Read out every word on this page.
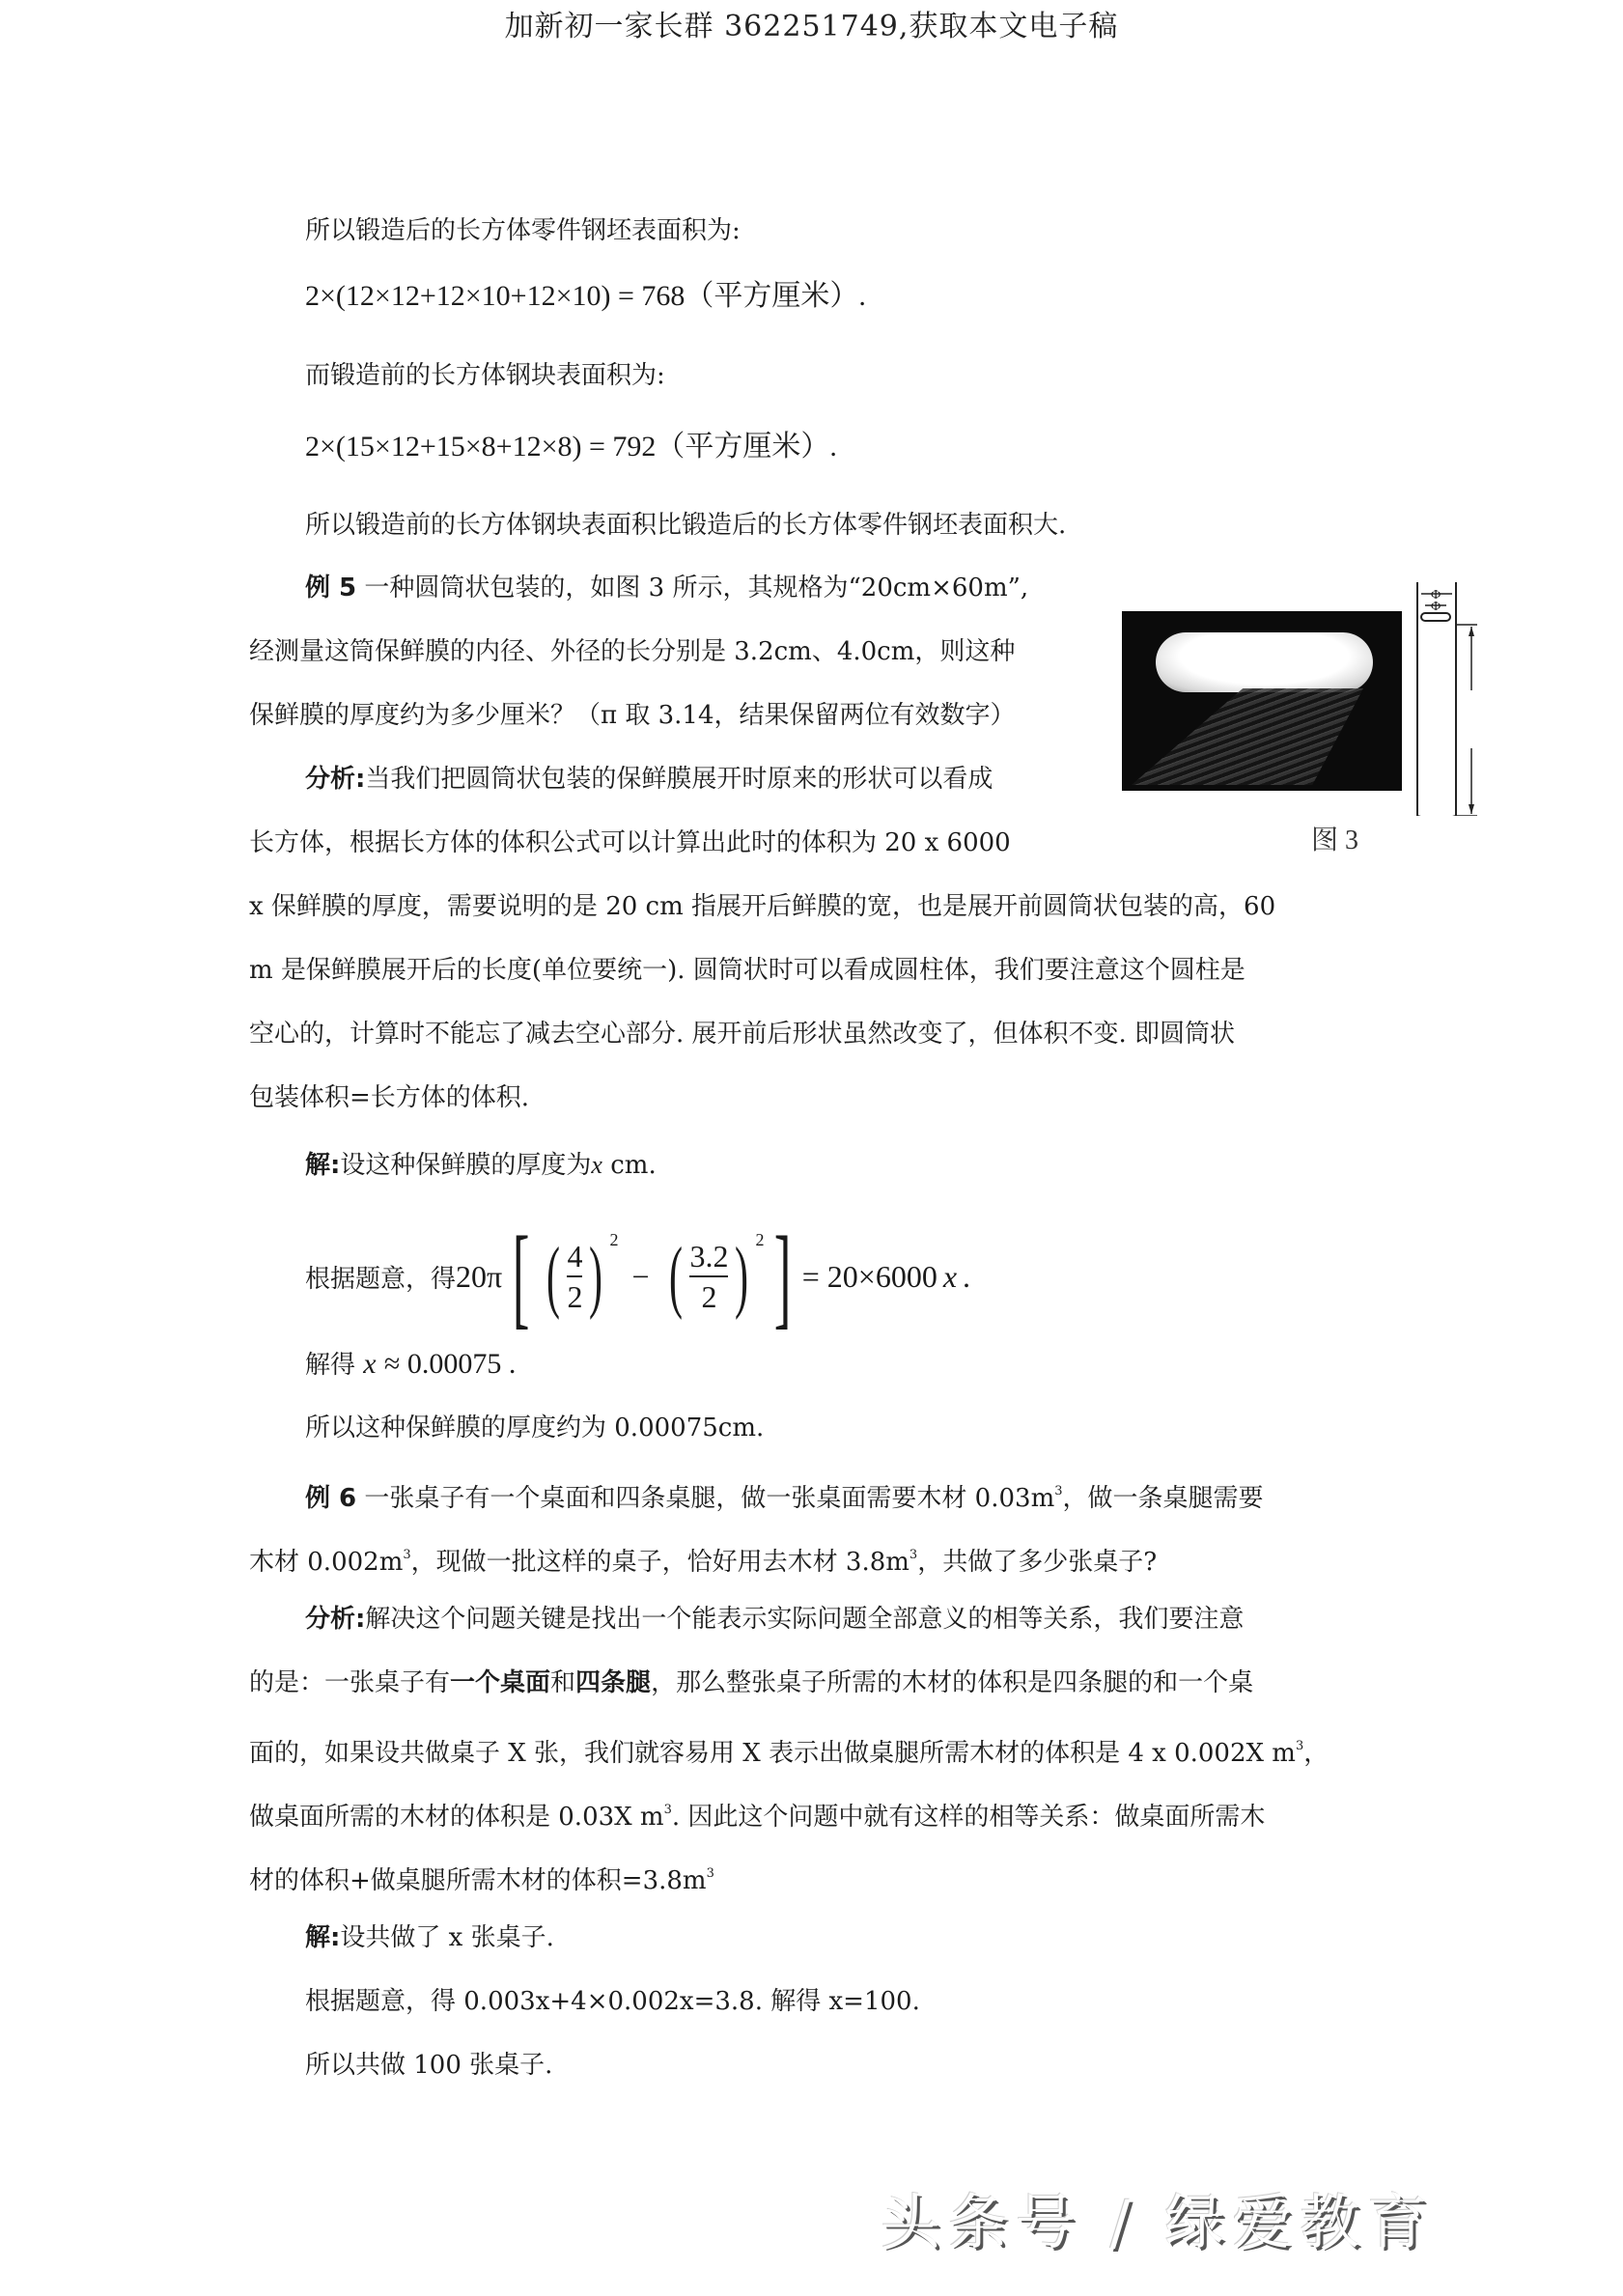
加新初一家长群 362251749,获取本文电子稿
所以锻造后的长方体零件钢坯表面积为:
2×(12×12+12×10+12×10) = 768（平方厘米）.
而锻造前的长方体钢块表面积为:
2×(15×12+15×8+12×8) = 792（平方厘米）.
所以锻造前的长方体钢块表面积比锻造后的长方体零件钢坯表面积大.
例 5 一种圆筒状包装的，如图 3 所示，其规格为“20cm×60m”,
经测量这筒保鲜膜的内径、外径的长分别是 3.2cm、4.0cm，则这种
保鲜膜的厚度约为多少厘米？（π 取 3.14，结果保留两位有效数字）
分析:当我们把圆筒状包装的保鲜膜展开时原来的形状可以看成
长方体，根据长方体的体积公式可以计算出此时的体积为 20 x 6000
x 保鲜膜的厚度，需要说明的是 20 cm 指展开后鲜膜的宽，也是展开前圆筒状包装的高，60
m 是保鲜膜展开后的长度(单位要统一). 圆筒状时可以看成圆柱体，我们要注意这个圆柱是
空心的，计算时不能忘了减去空心部分. 展开前后形状虽然改变了，但体积不变. 即圆筒状
包装体积=长方体的体积.
解:设这种保鲜膜的厚度为x cm.
根据题意，得 20π [ ( $\frac{4}{2}$ ) 2
− ( $\frac{3.2}{2}$ ) 2 ] = 20×6000 x .
解得 x ≈ 0.00075 .
所以这种保鲜膜的厚度约为 0.00075cm.
Φ
Φ
图 3
例 6 一张桌子有一个桌面和四条桌腿，做一张桌面需要木材 $0.03m^3$，做一条桌腿需要
木材 $0.002m^3$，现做一批这样的桌子，恰好用去木材 $3.8m^3$，共做了多少张桌子?
分析:解决这个问题关键是找出一个能表示实际问题全部意义的相等关系，我们要注意
的是：一张桌子有一个桌面和四条腿，那么整张桌子所需的木材的体积是四条腿的和一个桌
面的，如果设共做桌子 X 张，我们就容易用 X 表示出做桌腿所需木材的体积是 4 x 0.002X $m^3$，
做桌面所需的木材的体积是 0.03X $m^3$. 因此这个问题中就有这样的相等关系：做桌面所需木
材的体积+做桌腿所需木材的体积$=3.8m^3$
解:设共做了 x 张桌子.
根据题意，得 0.003x+4×0.002x=3.8. 解得 x=100.
所以共做 100 张桌子.
头条号 / 绿爱教育
